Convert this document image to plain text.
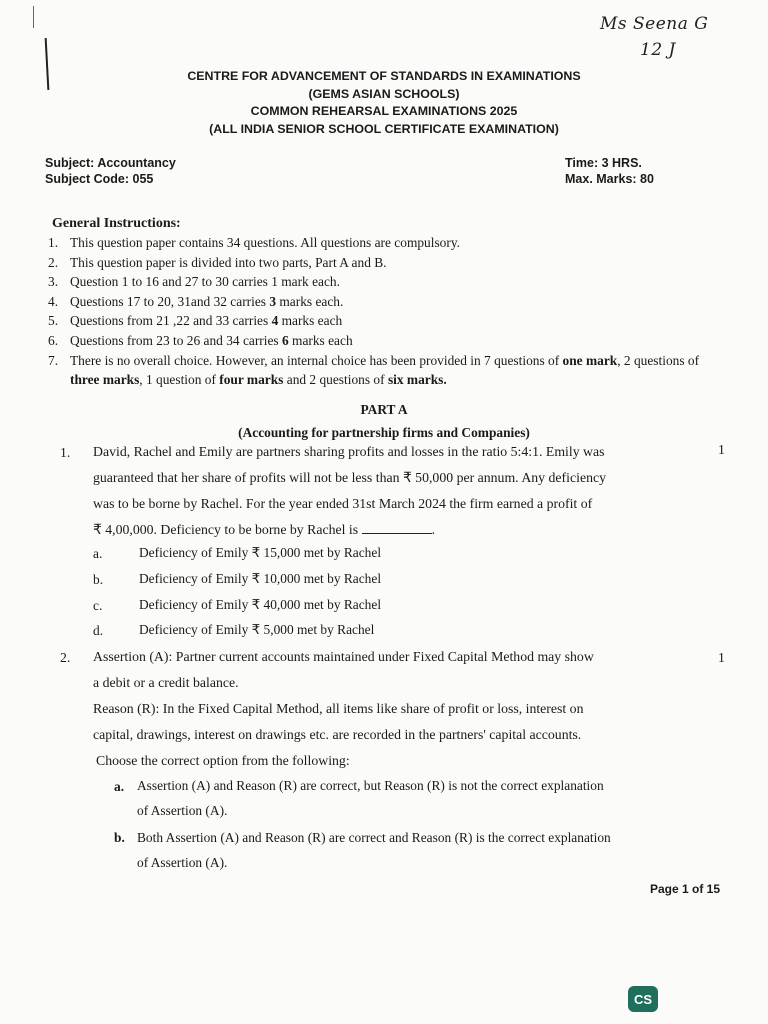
Ms Seena G
12 J
CENTRE FOR ADVANCEMENT OF STANDARDS IN EXAMINATIONS
(GEMS ASIAN SCHOOLS)
COMMON REHEARSAL EXAMINATIONS 2025
(ALL INDIA SENIOR SCHOOL CERTIFICATE EXAMINATION)
Subject: Accountancy
Subject Code: 055
Time: 3 HRS.
Max. Marks: 80
General Instructions:
1. This question paper contains 34 questions. All questions are compulsory.
2. This question paper is divided into two parts, Part A and B.
3. Question 1 to 16 and 27 to 30 carries 1 mark each.
4. Questions 17 to 20, 31and 32 carries 3 marks each.
5. Questions from 21 ,22 and 33 carries 4 marks each
6. Questions from 23 to 26 and 34 carries 6 marks each
7. There is no overall choice. However, an internal choice has been provided in 7 questions of one mark, 2 questions of three marks, 1 question of four marks and 2 questions of six marks.
PART A
(Accounting for partnership firms and Companies)
1.	1

David, Rachel and Emily are partners sharing profits and losses in the ratio 5:4:1. Emily was

guaranteed that her share of profits will not be less than ₹ 50,000 per annum. Any deficiency

was to be borne by Rachel. For the year ended 31st March 2024 the firm earned a profit of

₹ 4,00,000. Deficiency to be borne by Rachel is	.

a.	Deficiency of Emily ₹ 15,000 met by Rachel
b.	Deficiency of Emily ₹ 10,000 met by Rachel
c.	Deficiency of Emily ₹ 40,000 met by Rachel
d.	Deficiency of Emily ₹ 5,000 met by Rachel
2.	1

Assertion (A): Partner current accounts maintained under Fixed Capital Method may show

a debit or a credit balance.

Reason (R): In the Fixed Capital Method, all items like share of profit or loss, interest on

capital, drawings, interest on drawings etc. are recorded in the partners' capital accounts.

Choose the correct option from the following:

a. Assertion (A) and Reason (R) are correct, but Reason (R) is not the correct explanation
of Assertion (A).
b. Both Assertion (A) and Reason (R) are correct and Reason (R) is the correct explanation
of Assertion (A).
Page 1 of 15
CS
